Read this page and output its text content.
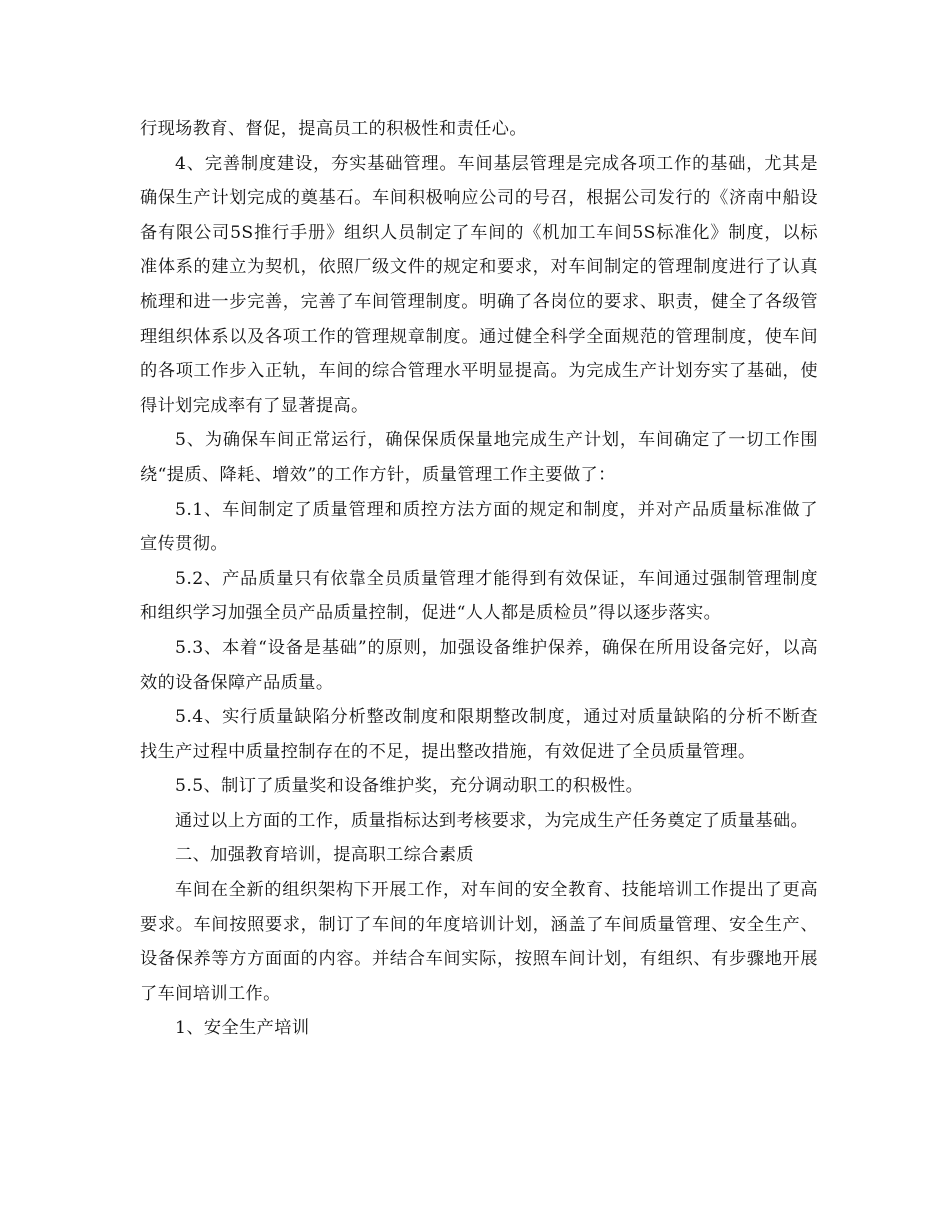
行现场教育、督促，提高员工的积极性和责任心。

4、完善制度建设，夯实基础管理。车间基层管理是完成各项工作的基础，尤其是确保生产计划完成的奠基石。车间积极响应公司的号召，根据公司发行的《济南中船设备有限公司5S推行手册》组织人员制定了车间的《机加工车间5S标准化》制度，以标准体系的建立为契机，依照厂级文件的规定和要求，对车间制定的管理制度进行了认真梳理和进一步完善，完善了车间管理制度。明确了各岗位的要求、职责，健全了各级管理组织体系以及各项工作的管理规章制度。通过健全科学全面规范的管理制度，使车间的各项工作步入正轨，车间的综合管理水平明显提高。为完成生产计划夯实了基础，使得计划完成率有了显著提高。

5、为确保车间正常运行，确保保质保量地完成生产计划，车间确定了一切工作围绕“提质、降耗、增效”的工作方针，质量管理工作主要做了：

5.1、车间制定了质量管理和质控方法方面的规定和制度，并对产品质量标准做了宣传贯彻。

5.2、产品质量只有依靠全员质量管理才能得到有效保证，车间通过强制管理制度和组织学习加强全员产品质量控制，促进“人人都是质检员”得以逐步落实。

5.3、本着“设备是基础”的原则，加强设备维护保养，确保在所用设备完好，以高效的设备保障产品质量。

5.4、实行质量缺陷分析整改制度和限期整改制度，通过对质量缺陷的分析不断查找生产过程中质量控制存在的不足，提出整改措施，有效促进了全员质量管理。

5.5、制订了质量奖和设备维护奖，充分调动职工的积极性。

通过以上方面的工作，质量指标达到考核要求，为完成生产任务奠定了质量基础。

二、加强教育培训，提高职工综合素质

车间在全新的组织架构下开展工作，对车间的安全教育、技能培训工作提出了更高要求。车间按照要求，制订了车间的年度培训计划，涵盖了车间质量管理、安全生产、设备保养等方方面面的内容。并结合车间实际，按照车间计划，有组织、有步骤地开展了车间培训工作。

1、安全生产培训
